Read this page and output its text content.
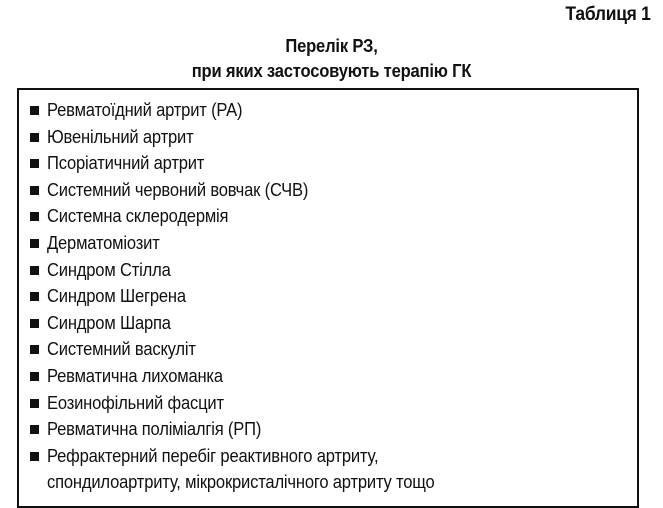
Таблиця 1
Перелік РЗ,
при яких застосовують терапію ГК
Ревматоїдний артрит (РА)
Ювенільний артрит
Псоріатичний артрит
Системний червоний вовчак (СЧВ)
Системна склеродермія
Дерматоміозит
Синдром Стілла
Синдром Шегрена
Синдром Шарпа
Системний васкуліт
Ревматична лихоманка
Еозинофільний фасцит
Ревматична поліміалгія (РП)
Рефрактерний перебіг реактивного артриту,
спондилоартриту, мікрокристалічного артриту тощо
